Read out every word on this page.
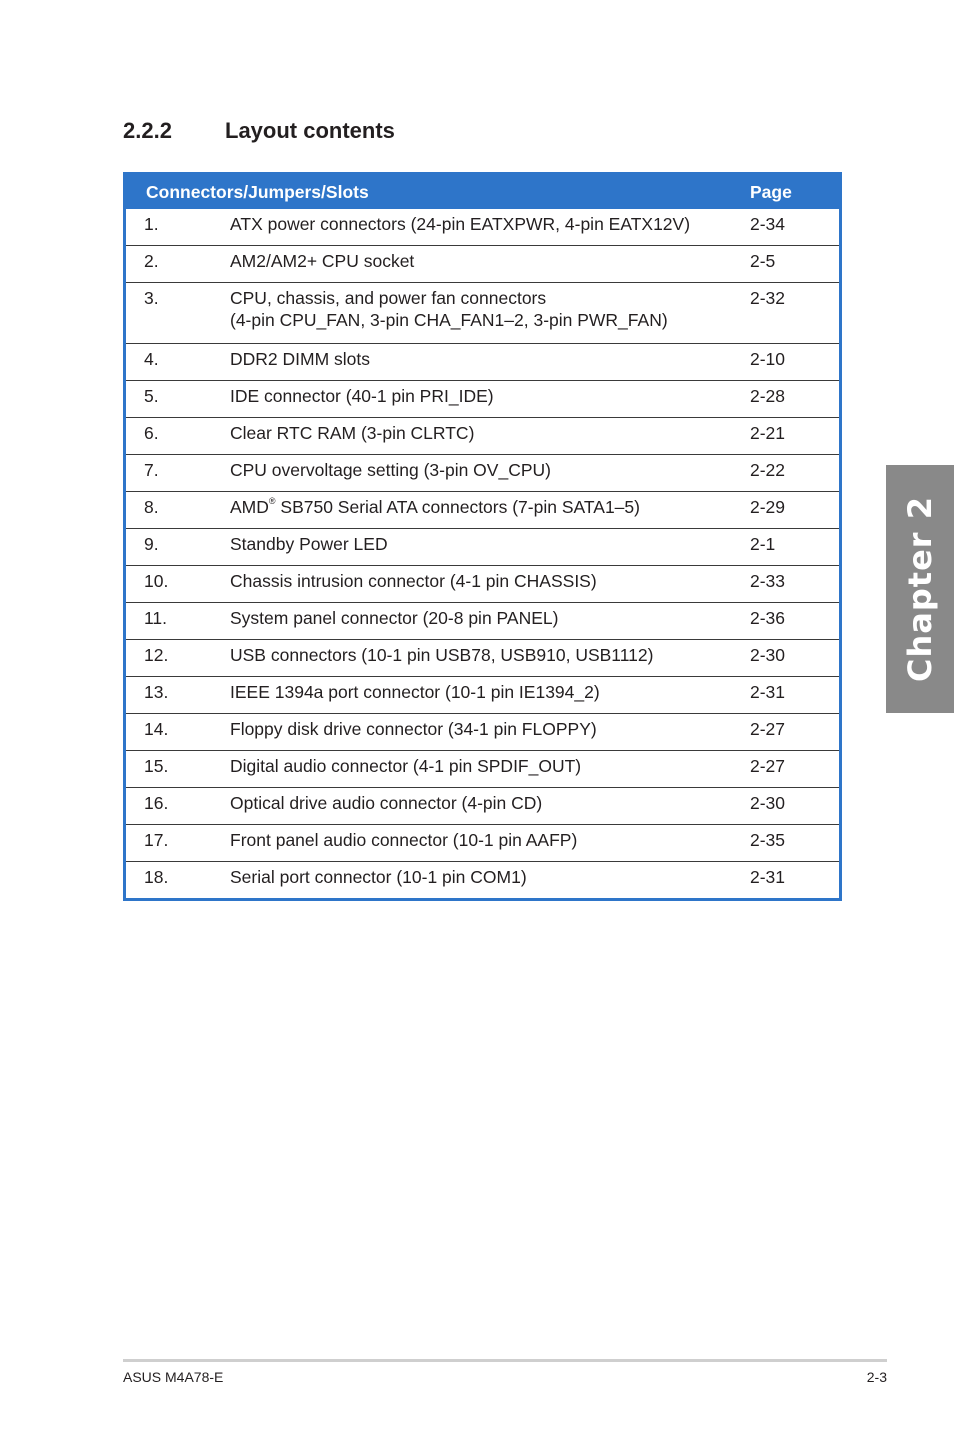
2.2.2	Layout contents
Connectors/Jumpers/Slots		Page
1.	ATX power connectors (24-pin EATXPWR, 4-pin EATX12V)	2-34
2.	AM2/AM2+ CPU socket	2-5
3.	CPU, chassis, and power fan connectors
(4-pin CPU_FAN, 3-pin CHA_FAN1–2, 3-pin PWR_FAN)	2-32
4.	DDR2 DIMM slots	2-10
5.	IDE connector (40-1 pin PRI_IDE)	2-28
6.	Clear RTC RAM (3-pin CLRTC)	2-21
7.	CPU overvoltage setting (3-pin OV_CPU)	2-22
8.	AMD® SB750 Serial ATA connectors (7-pin SATA1–5)	2-29
9.	Standby Power LED	2-1
10.	Chassis intrusion connector (4-1 pin CHASSIS)	2-33
11.	System panel connector (20-8 pin PANEL)	2-36
12.	USB connectors (10-1 pin USB78, USB910, USB1112)	2-30
13.	IEEE 1394a port connector (10-1 pin IE1394_2)	2-31
14.	Floppy disk drive connector (34-1 pin FLOPPY)	2-27
15.	Digital audio connector (4-1 pin SPDIF_OUT)	2-27
16.	Optical drive audio connector (4-pin CD)	2-30
17.	Front panel audio connector (10-1 pin AAFP)	2-35
18.	Serial port connector (10-1 pin COM1)	2-31
Chapter 2
ASUS M4A78-E	2-3
